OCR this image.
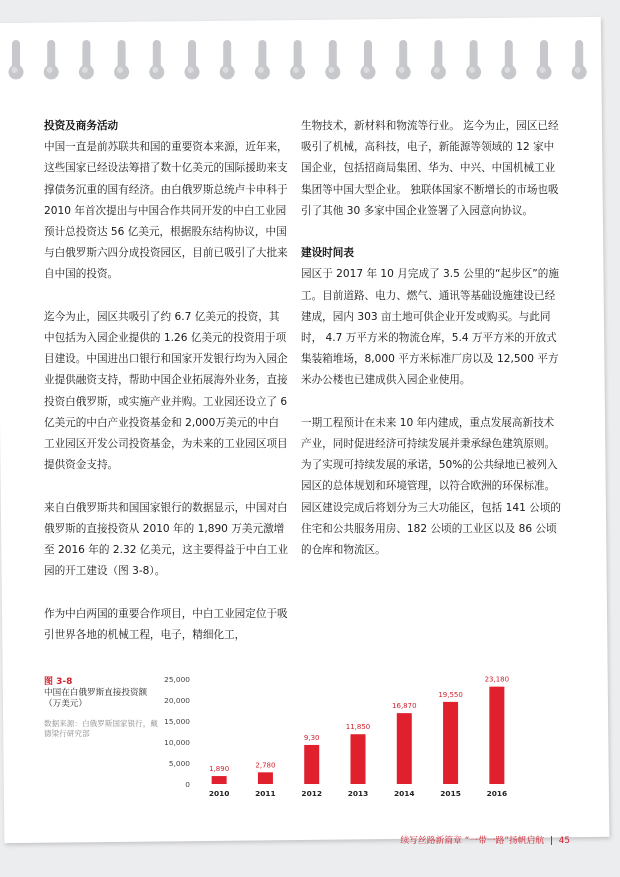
投资及商务活动

中国一直是前苏联共和国的重要资本来源，近年来，这些国家已经设法筹措了数十亿美元的国际援助来支撑债务沉重的国有经济。由白俄罗斯总统卢卡申科于 2010 年首次提出与中国合作共同开发的中白工业园预计总投资达 56 亿美元，根据股东结构协议，中国与白俄罗斯六四分成投资园区，目前已吸引了大批来自中国的投资。

迄今为止，园区共吸引了约 6.7 亿美元的投资，其中包括为入园企业提供的 1.26 亿美元的投资用于项目建设。中国进出口银行和国家开发银行均为入园企业提供融资支持，帮助中国企业拓展海外业务，直接投资白俄罗斯，或实施产业并购。工业园还设立了 6 亿美元的中白产业投资基金和 2,000万美元的中白工业园区开发公司投资基金，为未来的工业园区项目提供资金支持。

来自白俄罗斯共和国国家银行的数据显示，中国对白俄罗斯的直接投资从 2010 年的 1,890 万美元激增至 2016 年的 2.32 亿美元，这主要得益于中白工业园的开工建设（图 3-8）。

作为中白两国的重要合作项目，中白工业园定位于吸引世界各地的机械工程，电子，精细化工，

生物技术，新材料和物流等行业。 迄今为止，园区已经吸引了机械，高科技，电子，新能源等领域的 12 家中国企业，包括招商局集团、华为、中兴、中国机械工业集团等中国大型企业。 独联体国家不断增长的市场也吸引了其他 30 多家中国企业签署了入园意向协议。

建设时间表

园区于 2017 年 10 月完成了 3.5 公里的“起步区”的施工。目前道路、电力、燃气、通讯等基础设施建设已经建成，园内 303 亩土地可供企业开发或购买。与此同时， 4.7 万平方米的物流仓库，5.4 万平方米的开放式集装箱堆场，8,000 平方米标准厂房以及 12,500 平方米办公楼也已建成供入园企业使用。

一期工程预计在未来 10 年内建成，重点发展高新技术产业，同时促进经济可持续发展并秉承绿色建筑原则。为了实现可持续发展的承诺，50%的公共绿地已被列入园区的总体规划和环境管理，以符合欧洲的环保标准。园区建设完成后将划分为三大功能区，包括 141 公顷的住宅和公共服务用房、182 公顷的工业区以及 86 公顷的仓库和物流区。

图 3-8
中国在白俄罗斯直接投资额（万美元）
数据来源：白俄罗斯国家银行，戴德梁行研究部
0
5,000
10,000
15,000
20,000
25,000
1,890
2010
2,780
2011
9,30
2012
11,850
2013
16,870
2014
19,550
2015
23,180
2016
续写丝路新篇章 “一带一路”扬帆启航 | 45
